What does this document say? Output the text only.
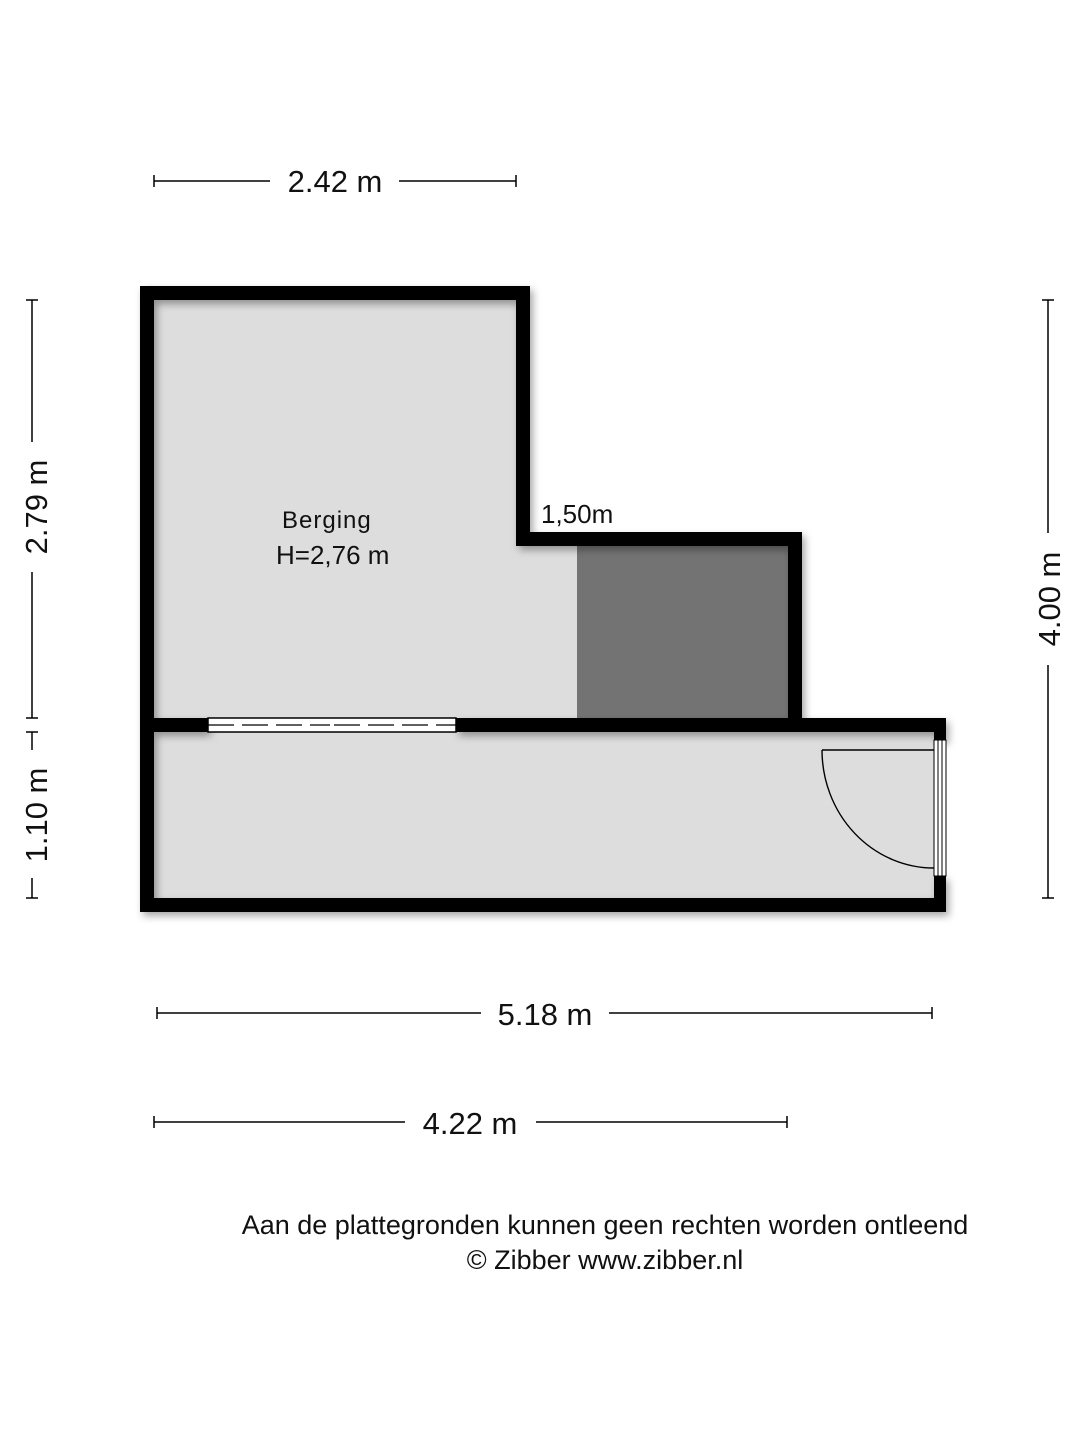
Berging
H=2,76 m
1,50m
2.42 m
2.79 m
1.10 m
4.00 m
5.18 m
4.22 m

Aan de plattegronden kunnen geen rechten worden ontleend

© Zibber www.zibber.nl
